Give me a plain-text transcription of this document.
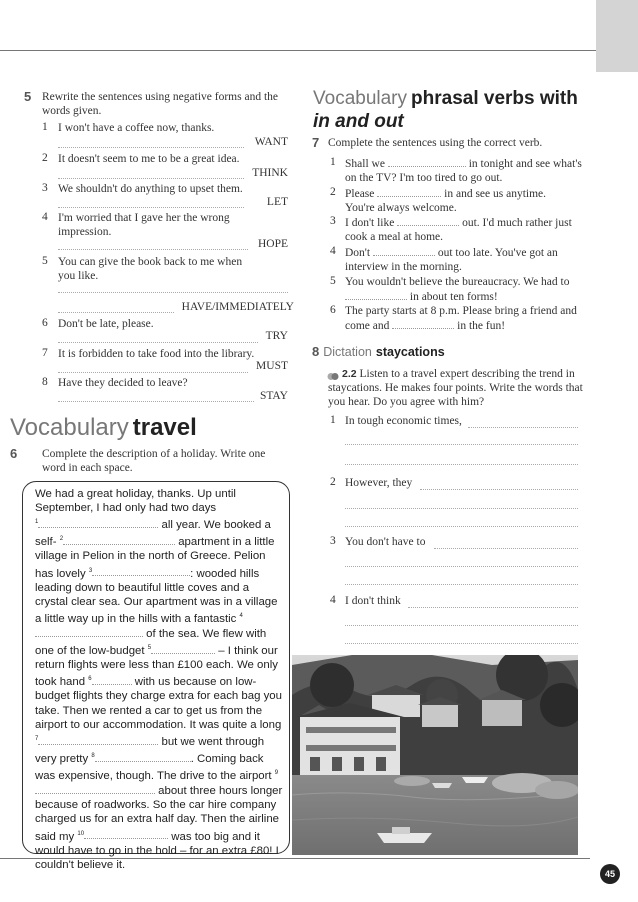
45
5 Rewrite the sentences using negative forms and the words given.
1 I won't have a coffee now, thanks.
WANT
2 It doesn't seem to me to be a great idea.
THINK
3 We shouldn't do anything to upset them.
LET
4 I'm worried that I gave her the wrong impression.
HOPE
5 You can give the book back to me when you like.
HAVE/IMMEDIATELY
6 Don't be late, please.
TRY
7 It is forbidden to take food into the library.
MUST
8 Have they decided to leave?
STAY
Vocabulary travel
6 Complete the description of a holiday. Write one word in each space.

We had a great holiday, thanks. Up until September, I had only had two days
$^1$	all year. We booked a self- $^2$	apartment in a little village in Pelion in the north of Greece. Pelion has lovely $^3$	: wooded hills leading down to beautiful little coves and a crystal clear sea. Our apartment was in a village a little way up in the hills with a fantastic $^4$ of the sea. We flew with one of the low-budget $^5$	– I think our return flights were less than £100 each. We only took hand $^6$	with us because on low-budget flights they charge extra for each bag you take. Then we rented a car to get us from the airport to our accommodation. It was quite a long $^7$	but we went through very pretty $^8$	. Coming back was expensive, though. The drive to the airport $^9$ about three hours longer because of roadworks. So the car hire company charged us for an extra half day. Then the airline said my $^{10}$	was too big and it would have to go in the hold – for an extra £80! I couldn't believe it.

Vocabulary phrasal verbs with
in and out
7 Complete the sentences using the correct verb.
1 Shall we	in tonight and see what's on the TV? I'm too tired to go out.
2 Please	in and see us anytime. You're always welcome.
3 I don't like	out. I'd much rather just cook a meal at home.
4 Don't	out too late. You've got an interview in the morning.
5 You wouldn't believe the bureaucracy. We had to  in about ten forms!
6 The party starts at 8 p.m. Please bring a friend and come and	in the fun!
8 Dictation staycations
2.2 Listen to a travel expert describing the trend in staycations. He makes four points. Write the words that you hear. Do you agree with him?
1 In tough economic times,
2 However, they
3 You don't have to
4 I don't think
